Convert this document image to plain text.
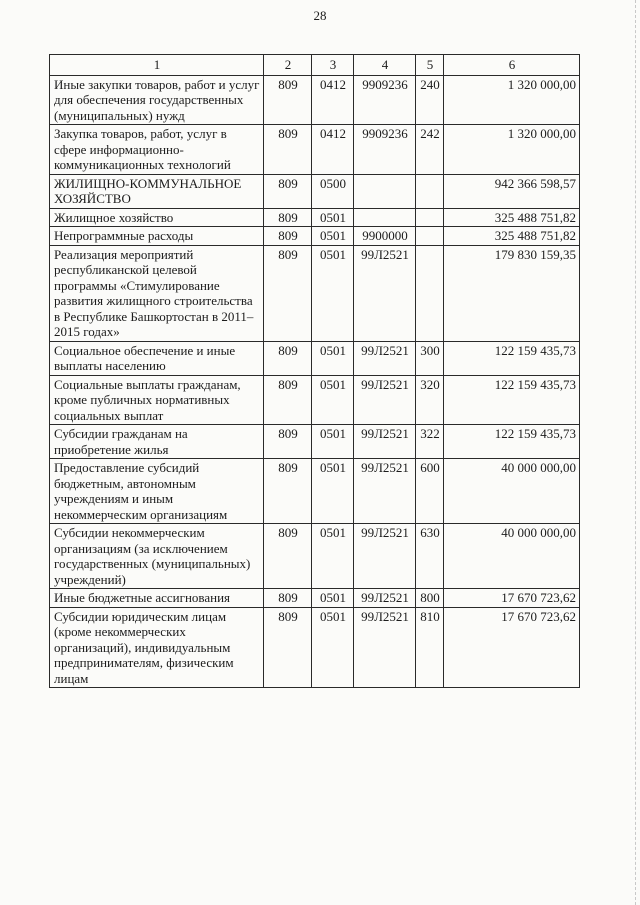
28
1	2	3	4	5	6
Иные закупки товаров, работ и услуг для обеспечения государственных (муниципальных) нужд	809	0412	9909236	240	1 320 000,00
Закупка товаров, работ, услуг в сфере информационно-коммуникационных технологий	809	0412	9909236	242	1 320 000,00
ЖИЛИЩНО-КОММУНАЛЬНОЕ ХОЗЯЙСТВО	809	0500			942 366 598,57
Жилищное хозяйство	809	0501			325 488 751,82
Непрограммные расходы	809	0501	9900000		325 488 751,82
Реализация мероприятий республиканской целевой программы «Стимулирование развития жилищного строительства в Республике Башкортостан в 2011–2015 годах»	809	0501	99Л2521		179 830 159,35
Социальное обеспечение и иные выплаты населению	809	0501	99Л2521	300	122 159 435,73
Социальные выплаты гражданам, кроме публичных нормативных социальных выплат	809	0501	99Л2521	320	122 159 435,73
Субсидии гражданам на приобретение жилья	809	0501	99Л2521	322	122 159 435,73
Предоставление субсидий бюджетным, автономным учреждениям и иным некоммерческим организациям	809	0501	99Л2521	600	40 000 000,00
Субсидии некоммерческим организациям (за исключением государственных (муниципальных) учреждений)	809	0501	99Л2521	630	40 000 000,00
Иные бюджетные ассигнования	809	0501	99Л2521	800	17 670 723,62
Субсидии юридическим лицам (кроме некоммерческих организаций), индивидуальным предпринимателям, физическим лицам	809	0501	99Л2521	810	17 670 723,62
